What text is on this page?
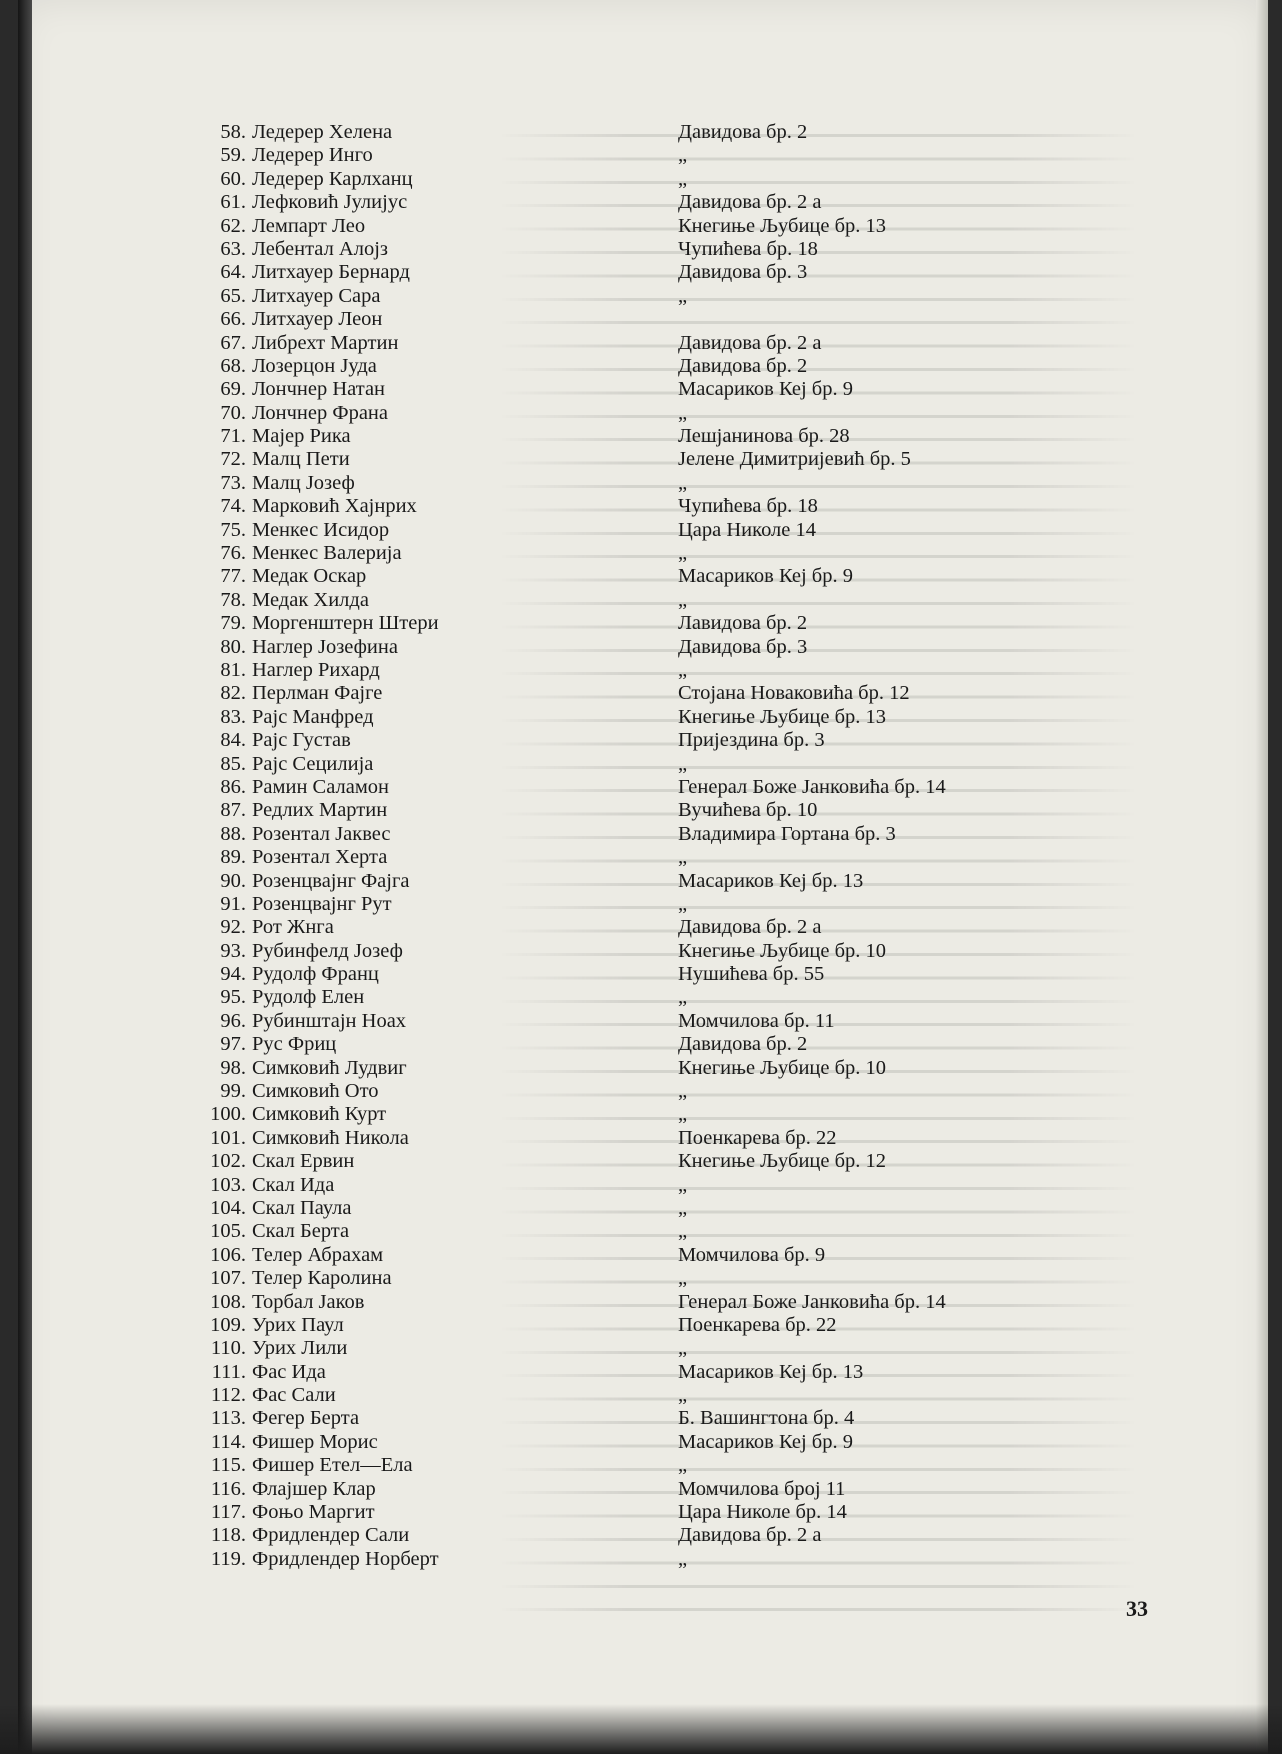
58. Ледерер Хелена	Давидова бр. 2
59. Ледерер Инго	„
60. Ледерер Карлханц	„
61. Лефковић Јулијус	Давидова бр. 2 а
62. Лемпарт Лео	Кнегиње Љубице бр. 13
63. Лебентал Алојз	Чупићева бр. 18
64. Литхауер Бернард	Давидова бр. 3
65. Литхауер Сара	„
66. Литхауер Леон
67. Либрехт Мартин	Давидова бр. 2 а
68. Лозерцон Јуда	Давидова бр. 2
69. Лончнер Натан	Масариков Кеј бр. 9
70. Лончнер Франа	„
71. Мајер Рика	Лешјанинова бр. 28
72. Малц Пети	Јелене Димитријевић бр. 5
73. Малц Јозеф	„
74. Марковић Хајнрих	Чупићева бр. 18
75. Менкес Исидор	Цара Николе 14
76. Менкес Валерија	„
77. Медак Оскар	Масариков Кеј бр. 9
78. Медак Хилда	„
79. Моргенштерн Штери	Лавидова бр. 2
80. Наглер Јозефина	Давидова бр. 3
81. Наглер Рихард	„
82. Перлман Фајге	Стојана Новаковића бр. 12
83. Рајс Манфред	Кнегиње Љубице бр. 13
84. Рајс Густав	Пријездина бр. 3
85. Рајс Сецилија	„
86. Рамин Саламон	Генерал Боже Јанковића бр. 14
87. Редлих Мартин	Вучићева бр. 10
88. Розентал Јаквес	Владимира Гортана бр. 3
89. Розентал Херта	„
90. Розенцвајнг Фајга	Масариков Кеј бр. 13
91. Розенцвајнг Рут	„
92. Рот Жнга	Давидова бр. 2 а
93. Рубинфелд Јозеф	Кнегиње Љубице бр. 10
94. Рудолф Франц	Нушићева бр. 55
95. Рудолф Елен	„
96. Рубинштајн Ноах	Момчилова бр. 11
97. Рус Фриц	Давидова бр. 2
98. Симковић Лудвиг	Кнегиње Љубице бр. 10
99. Симковић Ото	„
100. Симковић Курт	„
101. Симковић Никола	Поенкарева бр. 22
102. Скал Ервин	Кнегиње Љубице бр. 12
103. Скал Ида	„
104. Скал Паула	„
105. Скал Берта	„
106. Телер Абрахам	Момчилова бр. 9
107. Телер Каролина	„
108. Торбал Јаков	Генерал Боже Јанковића бр. 14
109. Урих Паул	Поенкарева бр. 22
110. Урих Лили	„
111. Фас Ида	Масариков Кеј бр. 13
112. Фас Сали	„
113. Фегер Берта	Б. Вашингтона бр. 4
114. Фишер Морис	Масариков Кеј бр. 9
115. Фишер Етел—Ела	„
116. Флајшер Клар	Момчилова број 11
117. Фоњо Маргит	Цара Николе бр. 14
118. Фридлендер Сали	Давидова бр. 2 а
119. Фридлендер Норберт	„
33
